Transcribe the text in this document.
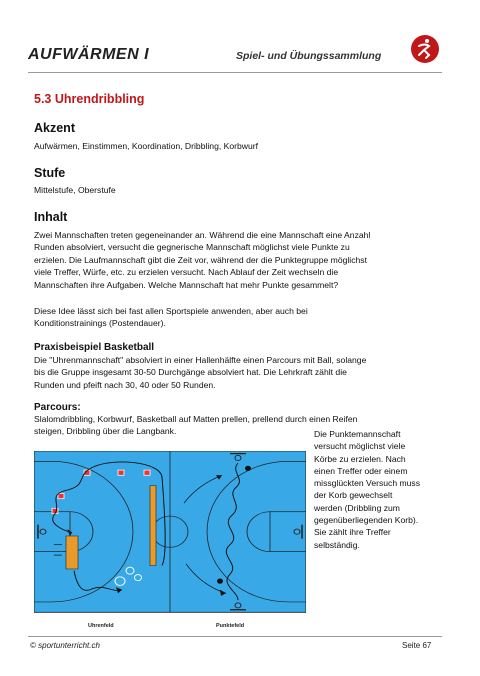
AUFWÄRMEN I	Spiel- und Übungssammlung
5.3 Uhrendribbling
Akzent
Aufwärmen, Einstimmen, Koordination, Dribbling, Korbwurf
Stufe
Mittelstufe, Oberstufe
Inhalt
Zwei Mannschaften treten gegeneinander an. Während die eine Mannschaft eine Anzahl
Runden absolviert, versucht die gegnerische Mannschaft möglichst viele Punkte zu
erzielen. Die Laufmannschaft gibt die Zeit vor, während der die Punktegruppe möglichst
viele Treffer, Würfe, etc. zu erzielen versucht. Nach Ablauf der Zeit wechseln die
Mannschaften ihre Aufgaben. Welche Mannschaft hat mehr Punkte gesammelt?
Diese Idee lässt sich bei fast allen Sportspiele anwenden, aber auch bei
Konditionstrainings (Postendauer).
Praxisbeispiel Basketball
Die "Uhrenmannschaft" absolviert in einer Hallenhälfte einen Parcours mit Ball, solange
bis die Gruppe insgesamt 30-50 Durchgänge absolviert hat. Die Lehrkraft zählt die
Runden und pfeift nach 30, 40 oder 50 Runden.
Parcours:
Slalomdribbling, Korbwurf, Basketball auf Matten prellen, prellend durch einen Reifen
steigen, Dribbling über die Langbank.
Uhrenfeld	Punktefeld
Die Punktemannschaft
versucht möglichst viele
Körbe zu erzielen. Nach
einen Treffer oder einem
missglückten Versuch muss
der Korb gewechselt
werden (Dribbling zum
gegenüberliegenden Korb).
Sie zählt ihre Treffer
selbständig.
© sportunterricht.ch	Seite 67
